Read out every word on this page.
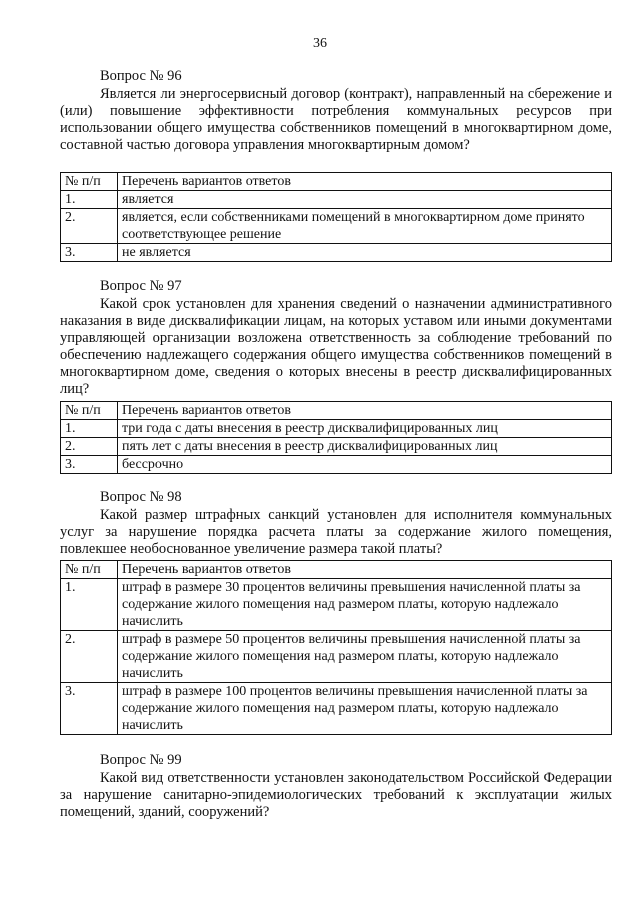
36
Вопрос № 96
Является ли энергосервисный договор (контракт), направленный на сбережение и (или) повышение эффективности потребления коммунальных ресурсов при использовании общего имущества собственников помещений в многоквартирном доме, составной частью договора управления многоквартирным домом?
№ п/п	Перечень вариантов ответов
1.	является
2.	является, если собственниками помещений в многоквартирном доме принято соответствующее решение
3.	не является
Вопрос № 97
Какой срок установлен для хранения сведений о назначении административного наказания в виде дисквалификации лицам, на которых уставом или иными документами управляющей организации возложена ответственность за соблюдение требований по обеспечению надлежащего содержания общего имущества собственников помещений в многоквартирном доме, сведения о которых внесены в реестр дисквалифицированных лиц?
№ п/п	Перечень вариантов ответов
1.	три года с даты внесения в реестр дисквалифицированных лиц
2.	пять лет с даты внесения в реестр дисквалифицированных лиц
3.	бессрочно
Вопрос № 98
Какой размер штрафных санкций установлен для исполнителя коммунальных услуг за нарушение порядка расчета платы за содержание жилого помещения, повлекшее необоснованное увеличение размера такой платы?
№ п/п	Перечень вариантов ответов
1.	штраф в размере 30 процентов величины превышения начисленной платы за содержание жилого помещения над размером платы, которую надлежало начислить
2.	штраф в размере 50 процентов величины превышения начисленной платы за содержание жилого помещения над размером платы, которую надлежало начислить
3.	штраф в размере 100 процентов величины превышения начисленной платы за содержание жилого помещения над размером платы, которую надлежало начислить
Вопрос № 99
Какой вид ответственности установлен законодательством Российской Федерации за нарушение санитарно-эпидемиологических требований к эксплуатации жилых помещений, зданий, сооружений?
